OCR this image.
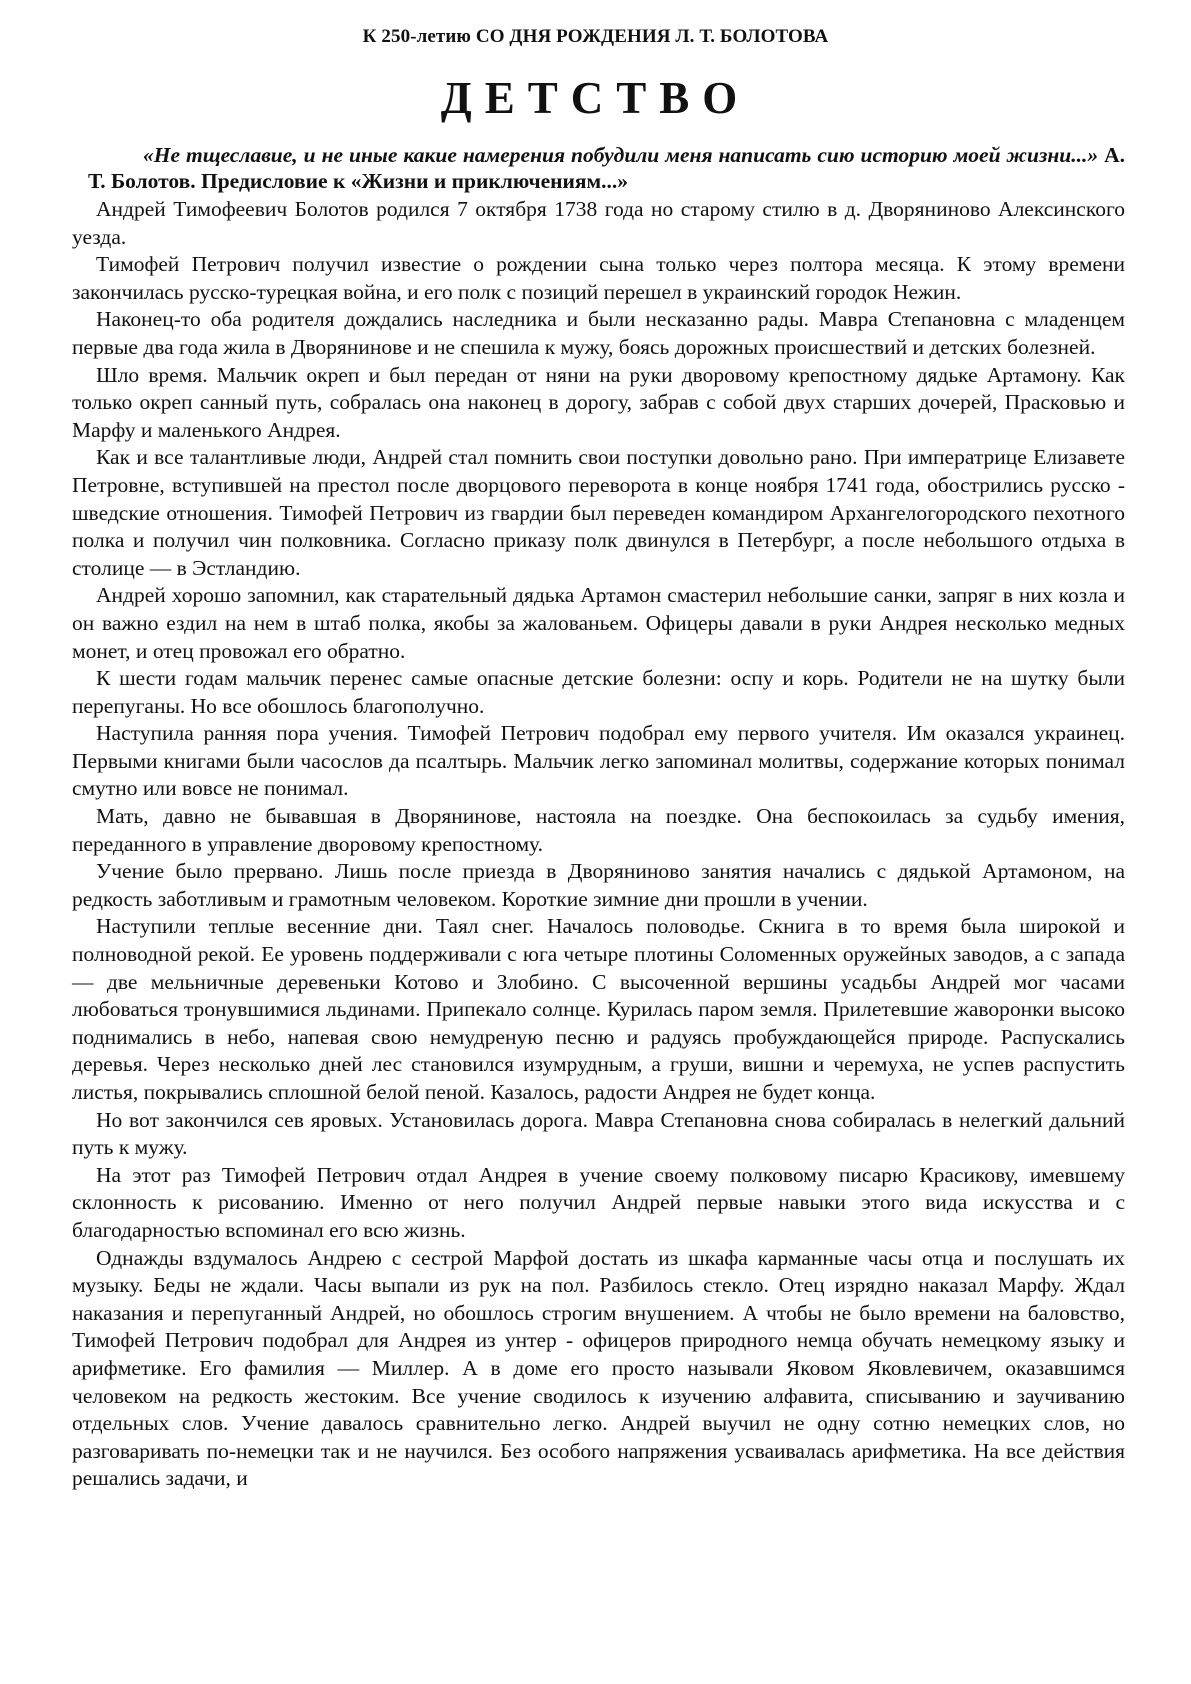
К 250-летию СО ДНЯ РОЖДЕНИЯ Л. Т. БОЛОТОВА
ДЕТСТВО
«Не тщеславие, и не иные какие намерения побудили меня написать сию историю моей жизни...» А. Т. Болотов. Предисловие к «Жизни и приключениям...»

Андрей Тимофеевич Болотов родился 7 октября 1738 года но старому стилю в д. Дворяниново Алексинского уезда.

Тимофей Петрович получил известие о рождении сына только через полтора месяца. К этому времени закончилась русско-турецкая война, и его полк с позиций перешел в украинский городок Нежин.

Наконец-то оба родителя дождались наследника и были несказанно рады. Мавра Степановна с младенцем первые два года жила в Дворянинове и не спешила к мужу, боясь дорожных происшествий и детских болезней.

Шло время. Мальчик окреп и был передан от няни на руки дворовому крепостному дядьке Артамону. Как только окреп санный путь, собралась она наконец в дорогу, забрав с собой двух старших дочерей, Прасковью и Марфу и маленького Андрея.

Как и все талантливые люди, Андрей стал помнить свои поступки довольно рано. При императрице Елизавете Петровне, вступившей на престол после дворцового переворота в конце ноября 1741 года, обострились русско - шведские отношения. Тимофей Петрович из гвардии был переведен командиром Архангелогородского пехотного полка и получил чин полковника. Согласно приказу полк двинулся в Петербург, а после небольшого отдыха в столице — в Эстландию.

Андрей хорошо запомнил, как старательный дядька Артамон смастерил небольшие санки, запряг в них козла и он важно ездил на нем в штаб полка, якобы за жалованьем. Офицеры давали в руки Андрея несколько медных монет, и отец провожал его обратно.

К шести годам мальчик перенес самые опасные детские болезни: оспу и корь. Родители не на шутку были перепуганы. Но все обошлось благополучно.

Наступила ранняя пора учения. Тимофей Петрович подобрал ему первого учителя. Им оказался украинец. Первыми книгами были часослов да псалтырь. Мальчик легко запоминал молитвы, содержание которых понимал смутно или вовсе не понимал.

Мать, давно не бывавшая в Дворянинове, настояла на поездке. Она беспокоилась за судьбу имения, переданного в управление дворовому крепостному.

Учение было прервано. Лишь после приезда в Дворяниново занятия начались с дядькой Артамоном, на редкость заботливым и грамотным человеком. Короткие зимние дни прошли в учении.

Наступили теплые весенние дни. Таял снег. Началось половодье. Скнига в то время была широкой и полноводной рекой. Ее уровень поддерживали с юга четыре плотины Соломенных оружейных заводов, а с запада — две мельничные деревеньки Котово и Злобино. С высоченной вершины усадьбы Андрей мог часами любоваться тронувшимися льдинами. Припекало солнце. Курилась паром земля. Прилетевшие жаворонки высоко поднимались в небо, напевая свою немудреную песню и радуясь пробуждающейся природе. Распускались деревья. Через несколько дней лес становился изумрудным, а груши, вишни и черемуха, не успев распустить листья, покрывались сплошной белой пеной. Казалось, радости Андрея не будет конца.

Но вот закончился сев яровых. Установилась дорога. Мавра Степановна снова собиралась в нелегкий дальний путь к мужу.

На этот раз Тимофей Петрович отдал Андрея в учение своему полковому писарю Красикову, имевшему склонность к рисованию. Именно от него получил Андрей первые навыки этого вида искусства и с благодарностью вспоминал его всю жизнь.

Однажды вздумалось Андрею с сестрой Марфой достать из шкафа карманные часы отца и послушать их музыку. Беды не ждали. Часы выпали из рук на пол. Разбилось стекло. Отец изрядно наказал Марфу. Ждал наказания и перепуганный Андрей, но обошлось строгим внушением. А чтобы не было времени на баловство, Тимофей Петрович подобрал для Андрея из унтер - офицеров природного немца обучать немецкому языку и арифметике. Его фамилия — Миллер. А в доме его просто называли Яковом Яковлевичем, оказавшимся человеком на редкость жестоким. Все учение сводилось к изучению алфавита, списыванию и заучиванию отдельных слов. Учение давалось сравнительно легко. Андрей выучил не одну сотню немецких слов, но разговаривать по-немецки так и не научился. Без особого напряжения усваивалась арифметика. На все действия решались задачи, и
